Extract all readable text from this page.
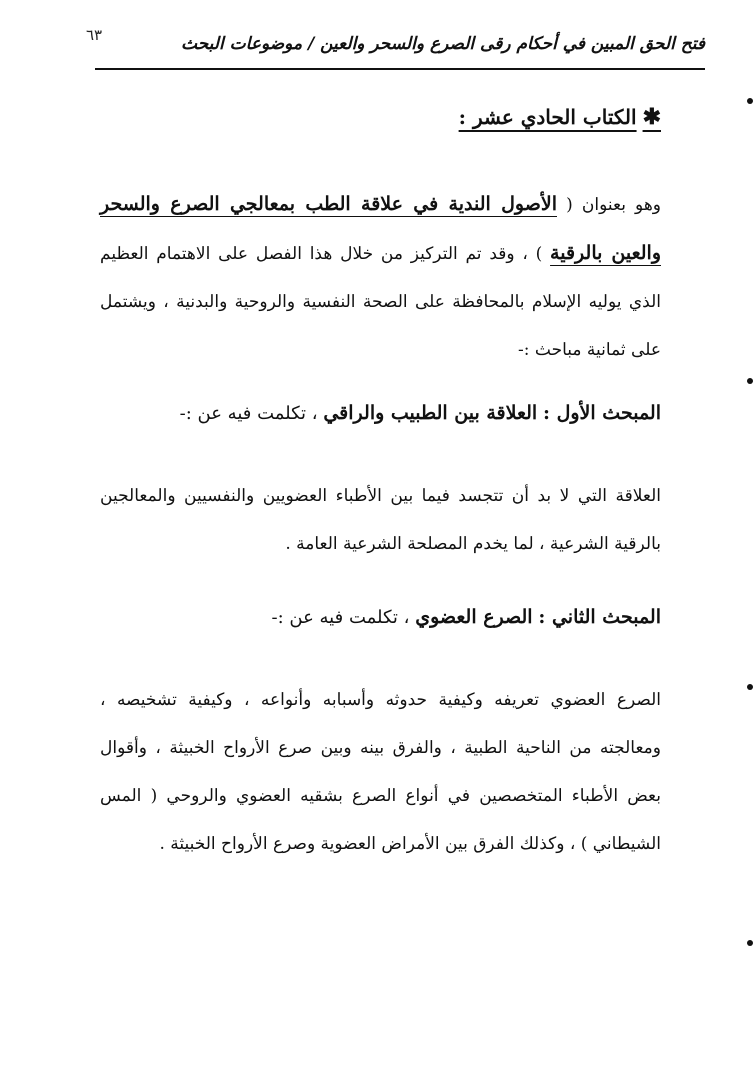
٦٣	فتح الحق المبين في أحكام رقى الصرع والسحر والعين / موضوعات البحث
✱الكتاب الحادي عشر :
وهو بعنوان ( الأصول الندية في علاقة الطب بمعالجي الصرع والسحر والعين بالرقية ) ، وقد تم التركيز من خلال هذا الفصل على الاهتمام العظيم الذي يوليه الإسلام بالمحافظة على الصحة النفسية والروحية والبدنية ، ويشتمل على ثمانية مباحث :-
المبحث الأول : العلاقة بين الطبيب والراقي ، تكلمت فيه عن :-
العلاقة التي لا بد أن تتجسد فيما بين الأطباء العضويين والنفسيين والمعالجين بالرقية الشرعية ، لما يخدم المصلحة الشرعية العامة .
المبحث الثاني : الصرع العضوي ، تكلمت فيه عن :-
الصرع العضوي تعريفه وكيفية حدوثه وأسبابه وأنواعه ، وكيفية تشخيصه ، ومعالجته من الناحية الطبية ، والفرق بينه وبين صرع الأرواح الخبيثة ، وأقوال بعض الأطباء المتخصصين في أنواع الصرع بشقيه العضوي والروحي ( المس الشيطاني ) ، وكذلك الفرق بين الأمراض العضوية وصرع الأرواح الخبيثة .
